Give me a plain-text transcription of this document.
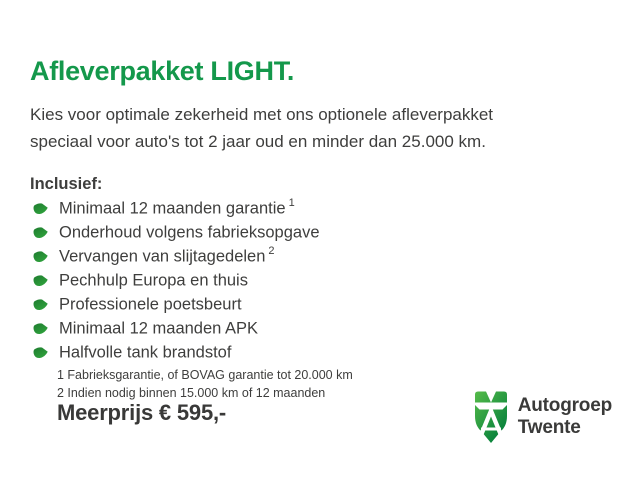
Afleverpakket LIGHT.

Kies voor optimale zekerheid met ons optionele afleverpakket
speciaal voor auto's tot 2 jaar oud en minder dan 25.000 km.

Inclusief:
Minimaal 12 maanden garantie $^1$
Onderhoud volgens fabrieksopgave
Vervangen van slijtagedelen $^2$
Pechhulp Europa en thuis
Professionele poetsbeurt
Minimaal 12 maanden APK
Halfvolle tank brandstof
1 Fabrieksgarantie, of BOVAG garantie tot 20.000 km
2 Indien nodig binnen 15.000 km of 12 maanden
Meerprijs € 595,-	Autogroep
Twente
